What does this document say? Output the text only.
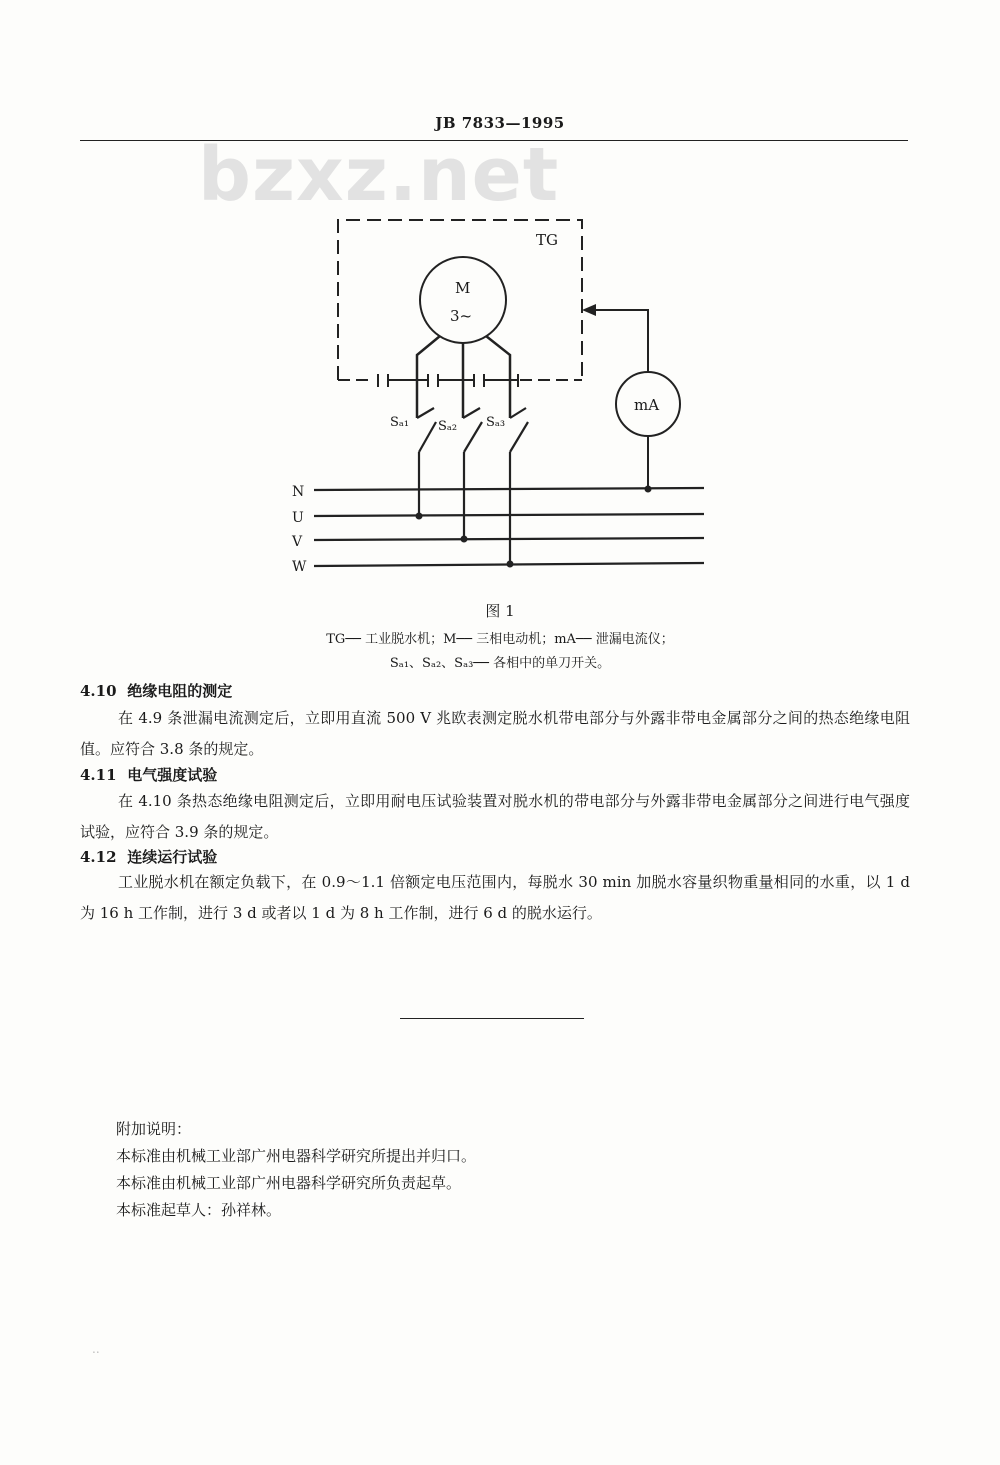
bzxz.net
JB 7833—1995
TG
M
3~
Sₐ₁ Sₐ₂ Sₐ₃
mA
N
U
V
W
图 1
TG── 工业脱水机；M── 三相电动机；mA── 泄漏电流仪；
Sₐ₁、Sₐ₂、Sₐ₃── 各相中的单刀开关。
4.10 绝缘电阻的测定
在 4.9 条泄漏电流测定后，立即用直流 500 V 兆欧表测定脱水机带电部分与外露非带电金属部分之间的热态绝缘电阻值。应符合 3.8 条的规定。
4.11 电气强度试验
在 4.10 条热态绝缘电阻测定后，立即用耐电压试验装置对脱水机的带电部分与外露非带电金属部分之间进行电气强度试验，应符合 3.9 条的规定。
4.12 连续运行试验
工业脱水机在额定负载下，在 0.9～1.1 倍额定电压范围内，每脱水 30 min 加脱水容量织物重量相同的水重，以 1 d 为 16 h 工作制，进行 3 d 或者以 1 d 为 8 h 工作制，进行 6 d 的脱水运行。
附加说明：
本标准由机械工业部广州电器科学研究所提出并归口。
本标准由机械工业部广州电器科学研究所负责起草。
本标准起草人：孙祥林。
..
